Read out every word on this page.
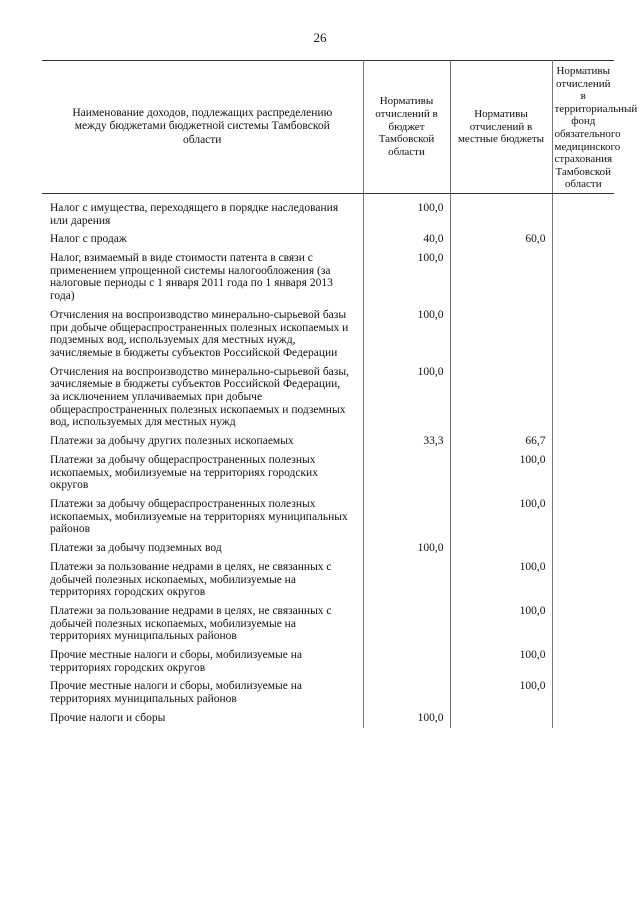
26
Наименование доходов, подлежащих распределению между бюджетами бюджетной системы Тамбовской области	Нормативы отчислений в бюджет Тамбовской области	Нормативы отчислений в местные бюджеты	Нормативы отчислений в территориальный фонд обязательного медицинского страхования Тамбовской области
Налог с имущества, переходящего в порядке наследования или дарения	100,0		
Налог с продаж	40,0	60,0	
Налог, взимаемый в виде стоимости патента в связи с применением упрощенной системы налогообложения (за налоговые периоды с 1 января 2011 года по 1 января 2013 года)	100,0		
Отчисления на воспроизводство минерально-сырьевой базы при добыче общераспространенных полезных ископаемых и подземных вод, используемых для местных нужд, зачисляемые в бюджеты субъектов Российской Федерации	100,0		
Отчисления на воспроизводство минерально-сырьевой базы, зачисляемые в бюджеты субъектов Российской Федерации, за исключением уплачиваемых при добыче общераспространенных полезных ископаемых и подземных вод, используемых для местных нужд	100,0		
Платежи за добычу других полезных ископаемых	33,3	66,7	
Платежи за добычу общераспространенных полезных ископаемых, мобилизуемые на территориях городских округов		100,0	
Платежи за добычу общераспространенных полезных ископаемых, мобилизуемые на территориях муниципальных районов		100,0	
Платежи за добычу подземных вод	100,0		
Платежи за пользование недрами в целях, не связанных с добычей полезных ископаемых, мобилизуемые на территориях городских округов		100,0	
Платежи за пользование недрами в целях, не связанных с добычей полезных ископаемых, мобилизуемые на территориях муниципальных районов		100,0	
Прочие местные налоги и сборы, мобилизуемые на территориях городских округов		100,0	
Прочие местные налоги и сборы, мобилизуемые на территориях муниципальных районов		100,0	
Прочие налоги и сборы	100,0		
